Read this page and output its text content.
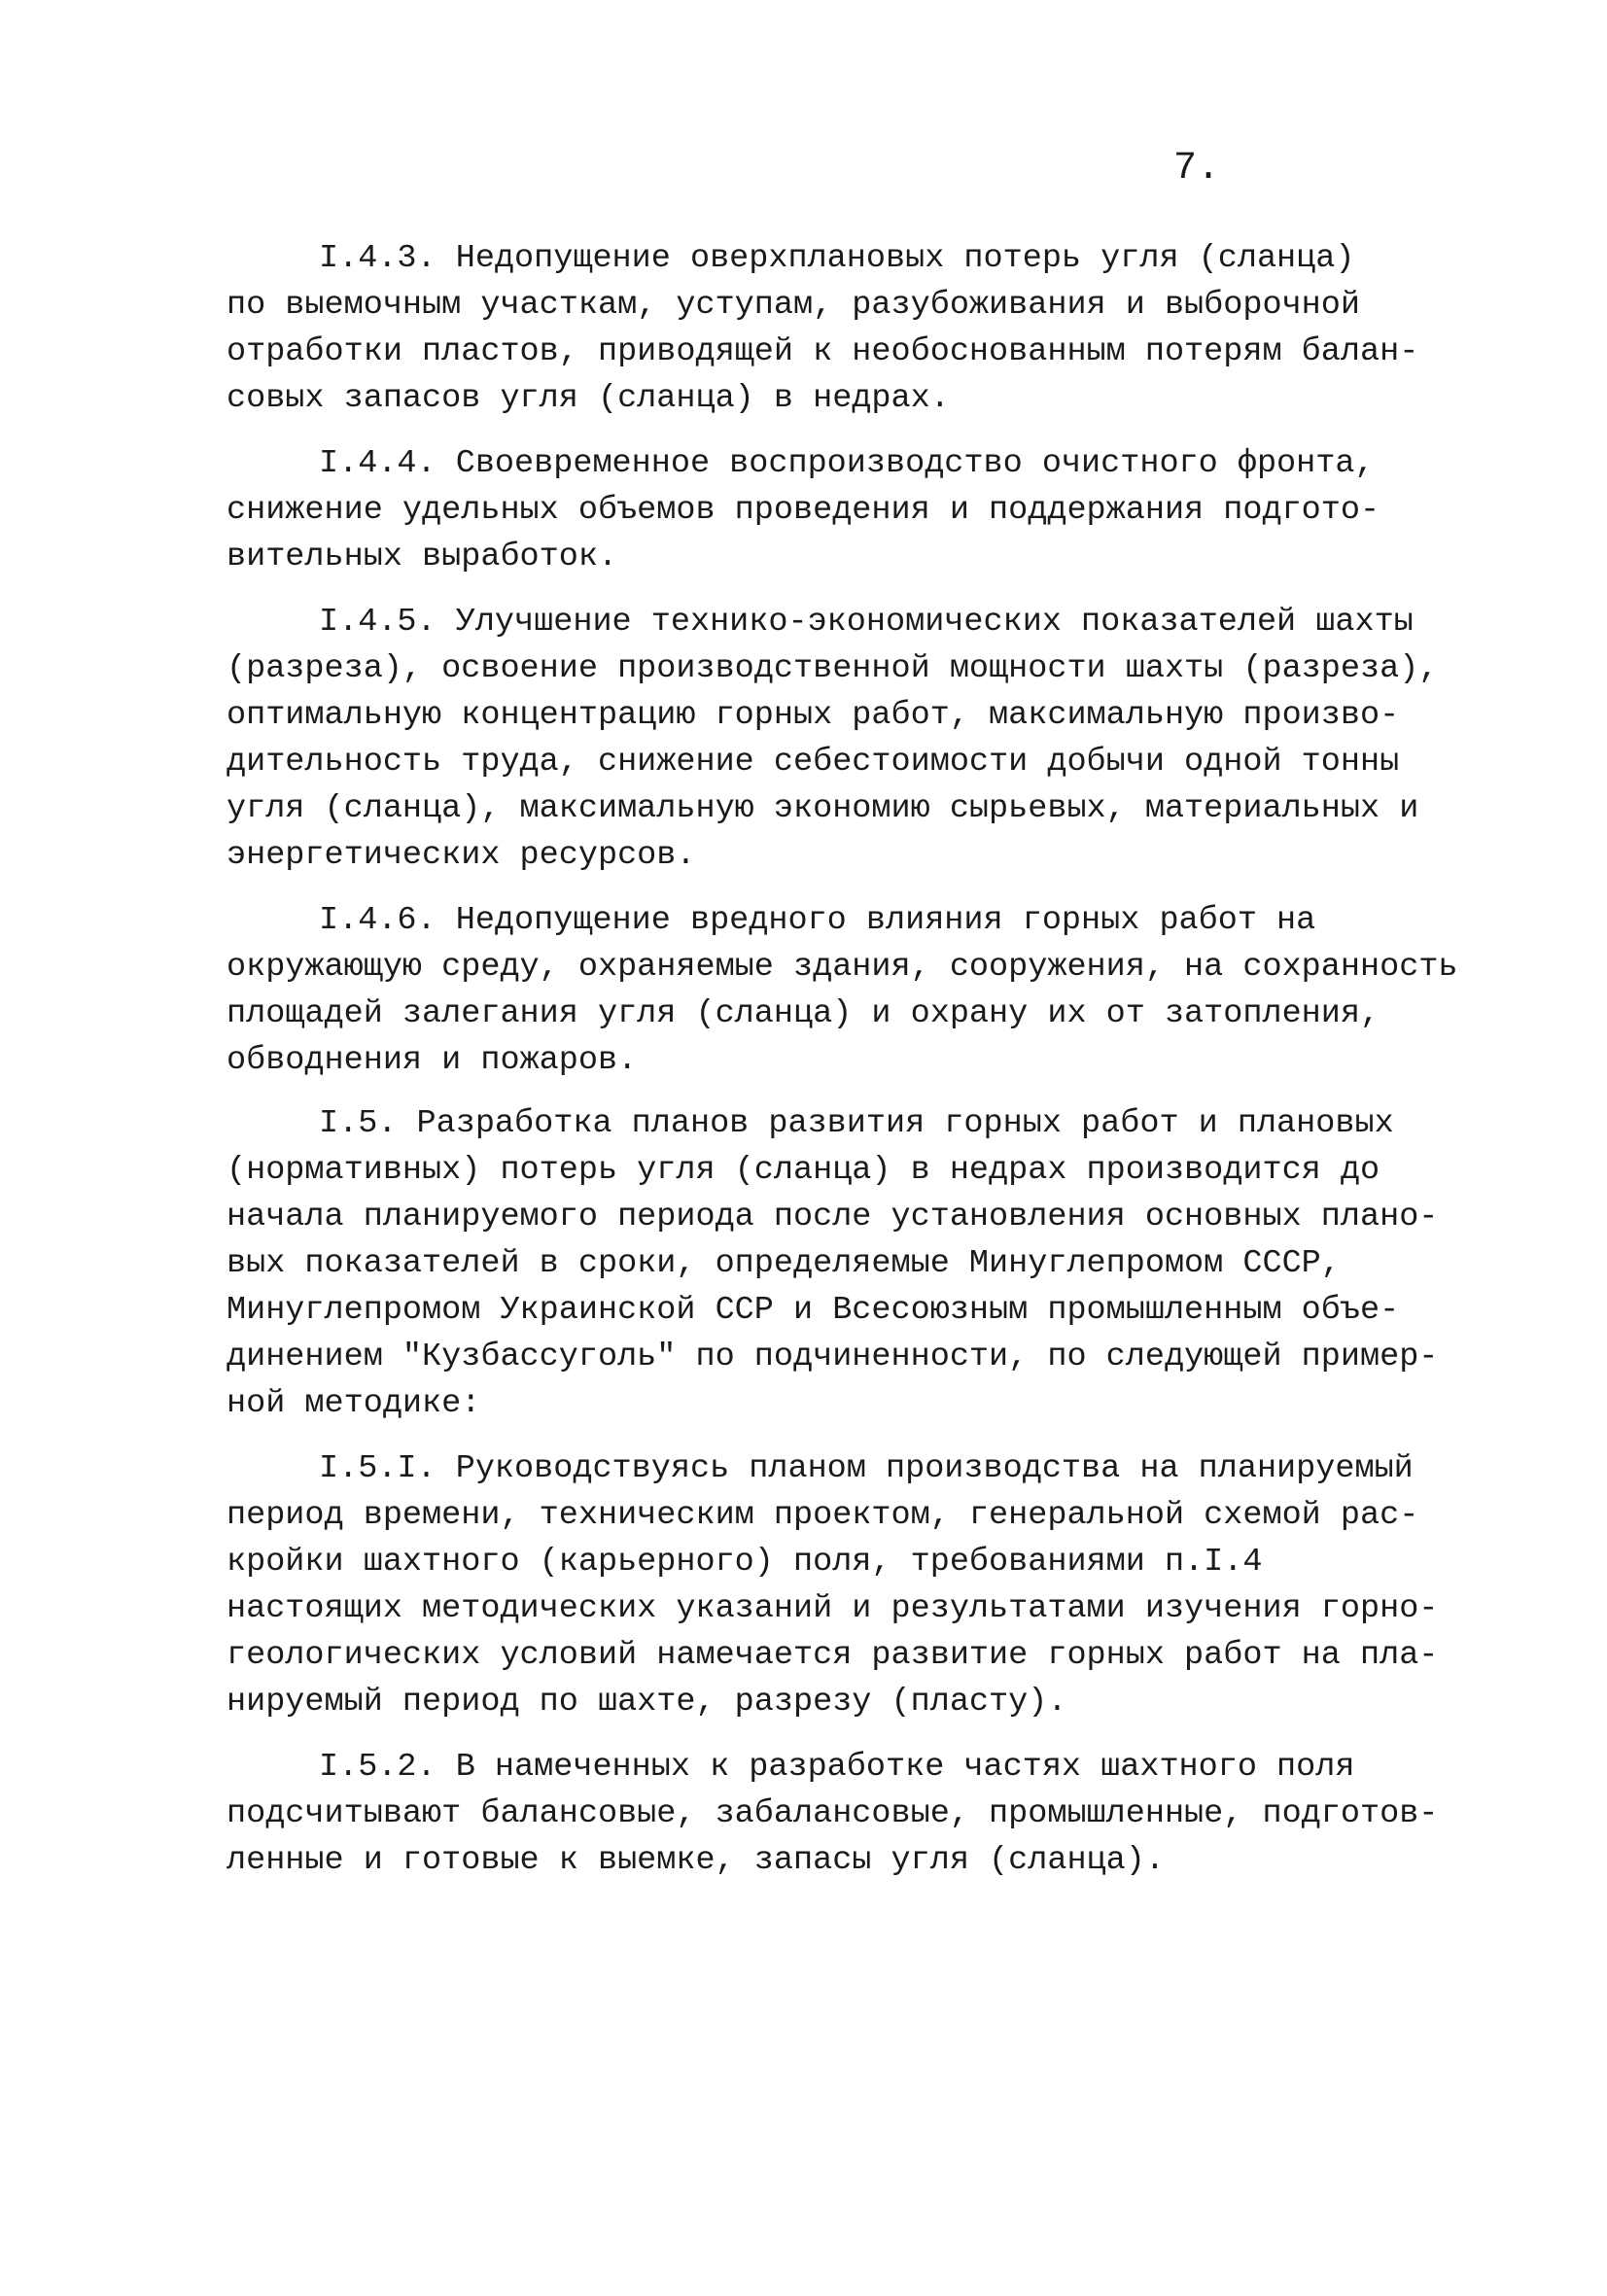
7.
I.4.3. Недопущение оверхплановых потерь угля (сланца)
по выемочным участкам, уступам, разубоживания и выборочной
отработки пластов, приводящей к необоснованным потерям балан-
совых запасов угля (сланца) в недрах.
I.4.4. Своевременное воспроизводство очистного фронта,
снижение удельных объемов проведения и поддержания подгото-
вительных выработок.
I.4.5. Улучшение технико-экономических показателей шахты
(разреза), освоение производственной мощности шахты (разреза),
оптимальную концентрацию горных работ, максимальную произво-
дительность труда, снижение себестоимости добычи одной тонны
угля (сланца), максимальную экономию сырьевых, материальных и
энергетических ресурсов.
I.4.6. Недопущение вредного влияния горных работ на
окружающую среду, охраняемые здания, сооружения, на сохранность
площадей залегания угля (сланца) и охрану их от затопления,
обводнения и пожаров.
I.5. Разработка планов развития горных работ и плановых
(нормативных) потерь угля (сланца) в недрах производится до
начала планируемого периода после установления основных плано-
вых показателей в сроки, определяемые Минуглепромом СССР,
Минуглепромом Украинской ССР и Всесоюзным промышленным объе-
динением "Кузбассуголь" по подчиненности, по следующей пример-
ной методике:
I.5.I. Руководствуясь планом производства на планируемый
период времени, техническим проектом, генеральной схемой рас-
кройки шахтного (карьерного) поля, требованиями п.I.4
настоящих методических указаний и результатами изучения горно-
геологических условий намечается развитие горных работ на пла-
нируемый период по шахте, разрезу (пласту).
I.5.2. В намеченных к разработке частях шахтного поля
подсчитывают балансовые, забалансовые, промышленные, подготов-
ленные и готовые к выемке, запасы угля (сланца).
